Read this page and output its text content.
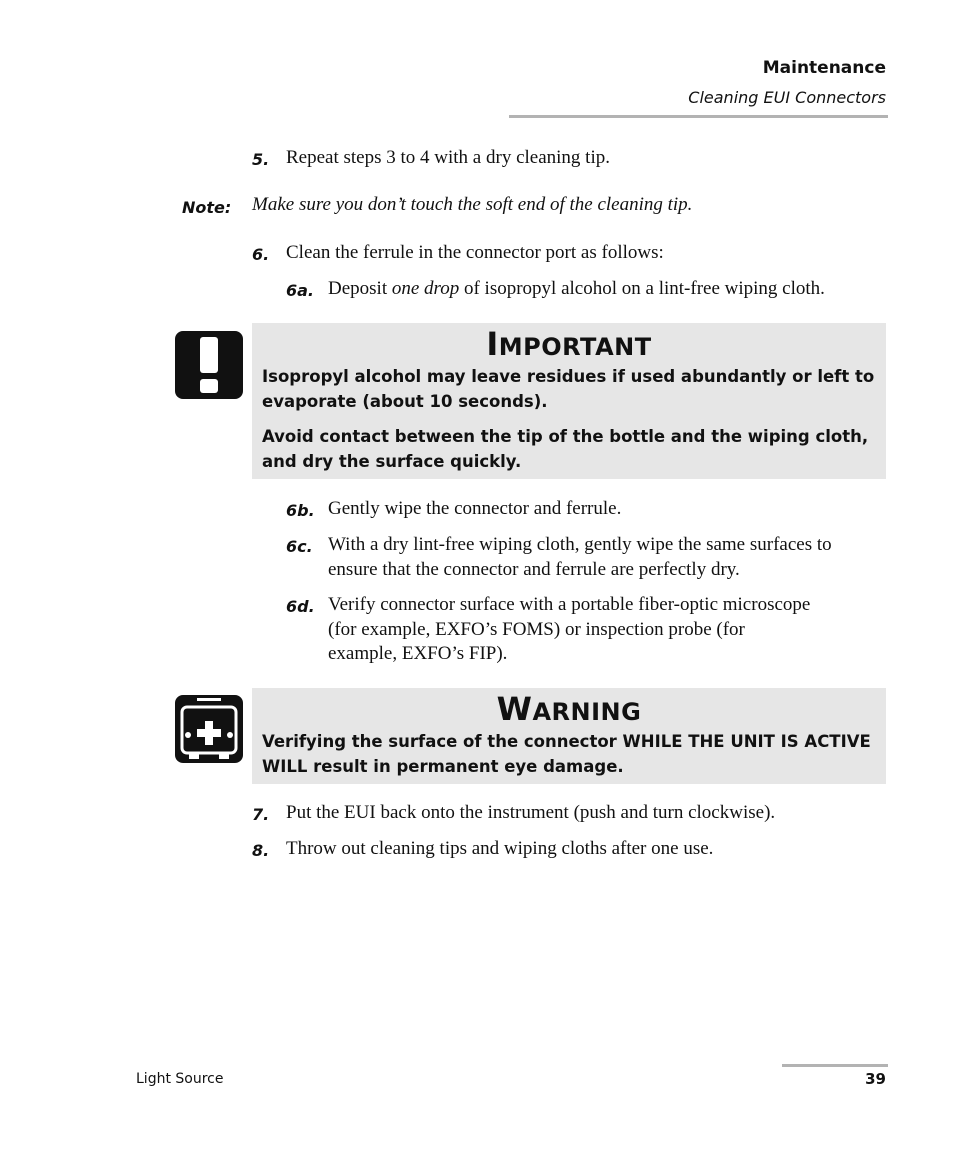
Maintenance
Cleaning EUI Connectors
5. Repeat steps 3 to 4 with a dry cleaning tip.
Note: Make sure you don’t touch the soft end of the cleaning tip.
6. Clean the ferrule in the connector port as follows:
6a. Deposit one drop of isopropyl alcohol on a lint-free wiping cloth.
IMPORTANT
Isopropyl alcohol may leave residues if used abundantly or left to
evaporate (about 10 seconds).
Avoid contact between the tip of the bottle and the wiping cloth,
and dry the surface quickly.
6b. Gently wipe the connector and ferrule.
6c. With a dry lint-free wiping cloth, gently wipe the same surfaces to
ensure that the connector and ferrule are perfectly dry.
6d. Verify connector surface with a portable fiber-optic microscope
(for example, EXFO’s FOMS) or inspection probe (for
example, EXFO’s FIP).
WARNING
Verifying the surface of the connector WHILE THE UNIT IS ACTIVE
WILL result in permanent eye damage.
7. Put the EUI back onto the instrument (push and turn clockwise).
8. Throw out cleaning tips and wiping cloths after one use.
Light Source	39
